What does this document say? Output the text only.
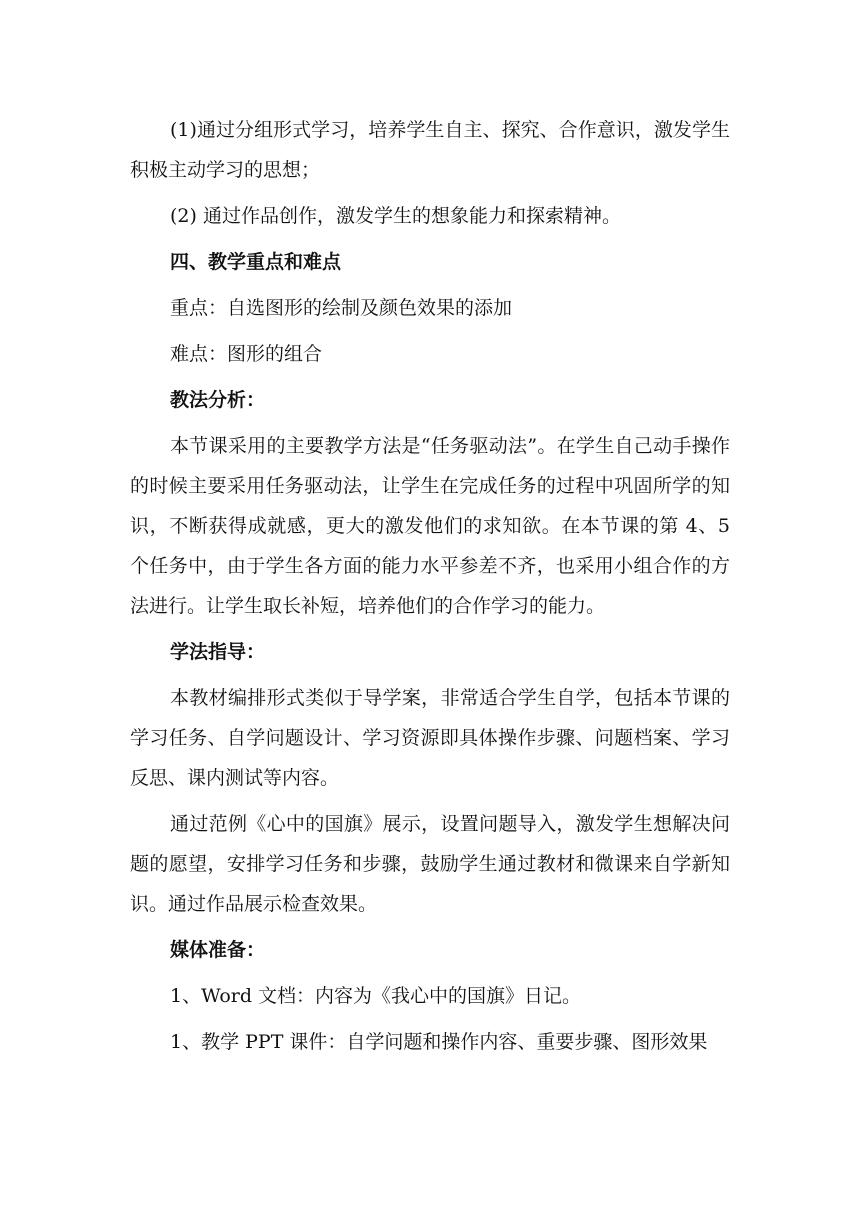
(1)通过分组形式学习，培养学生自主、探究、合作意识，激发学生积极主动学习的思想；

(2) 通过作品创作，激发学生的想象能力和探索精神。

四、教学重点和难点

重点：自选图形的绘制及颜色效果的添加

难点：图形的组合

教法分析：

本节课采用的主要教学方法是“任务驱动法”。在学生自己动手操作的时候主要采用任务驱动法，让学生在完成任务的过程中巩固所学的知识，不断获得成就感，更大的激发他们的求知欲。在本节课的第 4、5 个任务中，由于学生各方面的能力水平参差不齐，也采用小组合作的方法进行。让学生取长补短，培养他们的合作学习的能力。

学法指导：

本教材编排形式类似于导学案，非常适合学生自学，包括本节课的学习任务、自学问题设计、学习资源即具体操作步骤、问题档案、学习反思、课内测试等内容。

通过范例《心中的国旗》展示，设置问题导入，激发学生想解决问题的愿望，安排学习任务和步骤，鼓励学生通过教材和微课来自学新知识。通过作品展示检查效果。

媒体准备：

1、Word 文档：内容为《我心中的国旗》日记。

1、教学 PPT 课件：自学问题和操作内容、重要步骤、图形效果
